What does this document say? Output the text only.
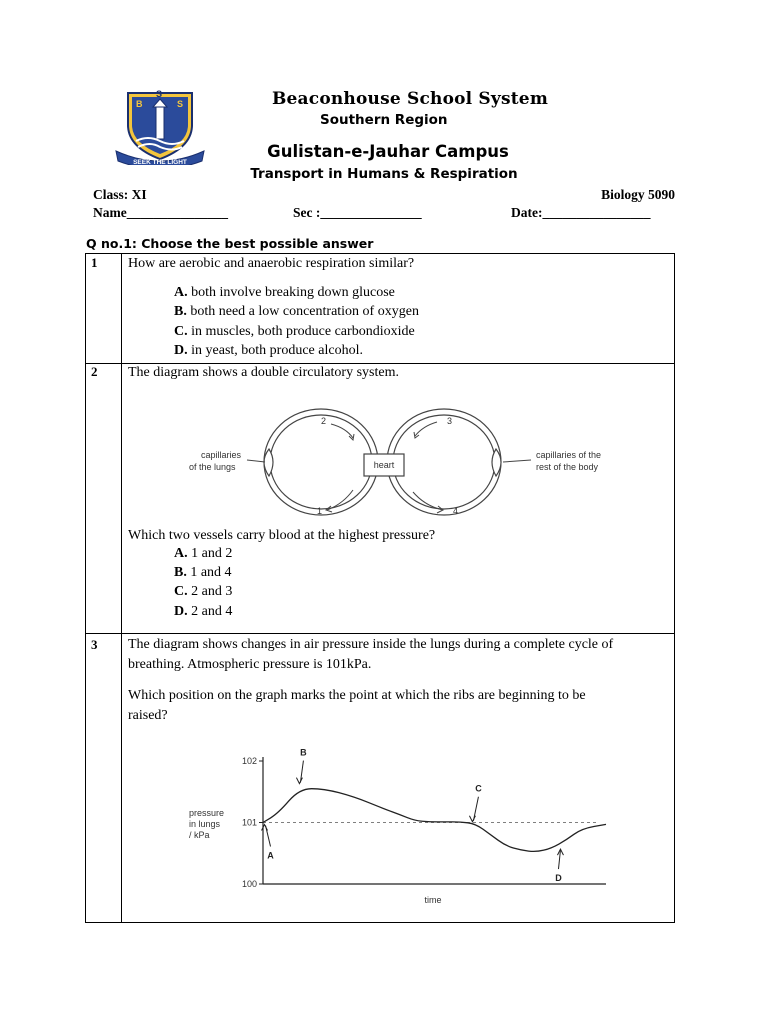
B
S
S
SEEK THE LIGHT
Beaconhouse School System
Southern Region
Gulistan-e-Jauhar Campus
Transport in Humans & Respiration
Class: XI	Biology 5090
Name_______________	Sec :_______________	Date:________________
Q no.1: Choose the best possible answer
1 How are aerobic and anaerobic respiration similar?
A. both involve breaking down glucose
B. both need a low concentration of oxygen
C. in muscles, both produce carbondioxide
D. in yeast, both produce alcohol.
2 The diagram shows a double circulatory system.
heart
capillaries
of the lungs
capillaries of the
rest of the body
2	3
1	4
Which two vessels carry blood at the highest pressure?
A. 1 and 2
B. 1 and 4
C. 2 and 3
D. 2 and 4
3 The diagram shows changes in air pressure inside the lungs during a complete cycle of
breathing. Atmospheric pressure is 101kPa.
Which position on the graph marks the point at which the ribs are beginning to be
raised?
100
101
102
A
B
C
D
pressure
in lungs
/ kPa
time
